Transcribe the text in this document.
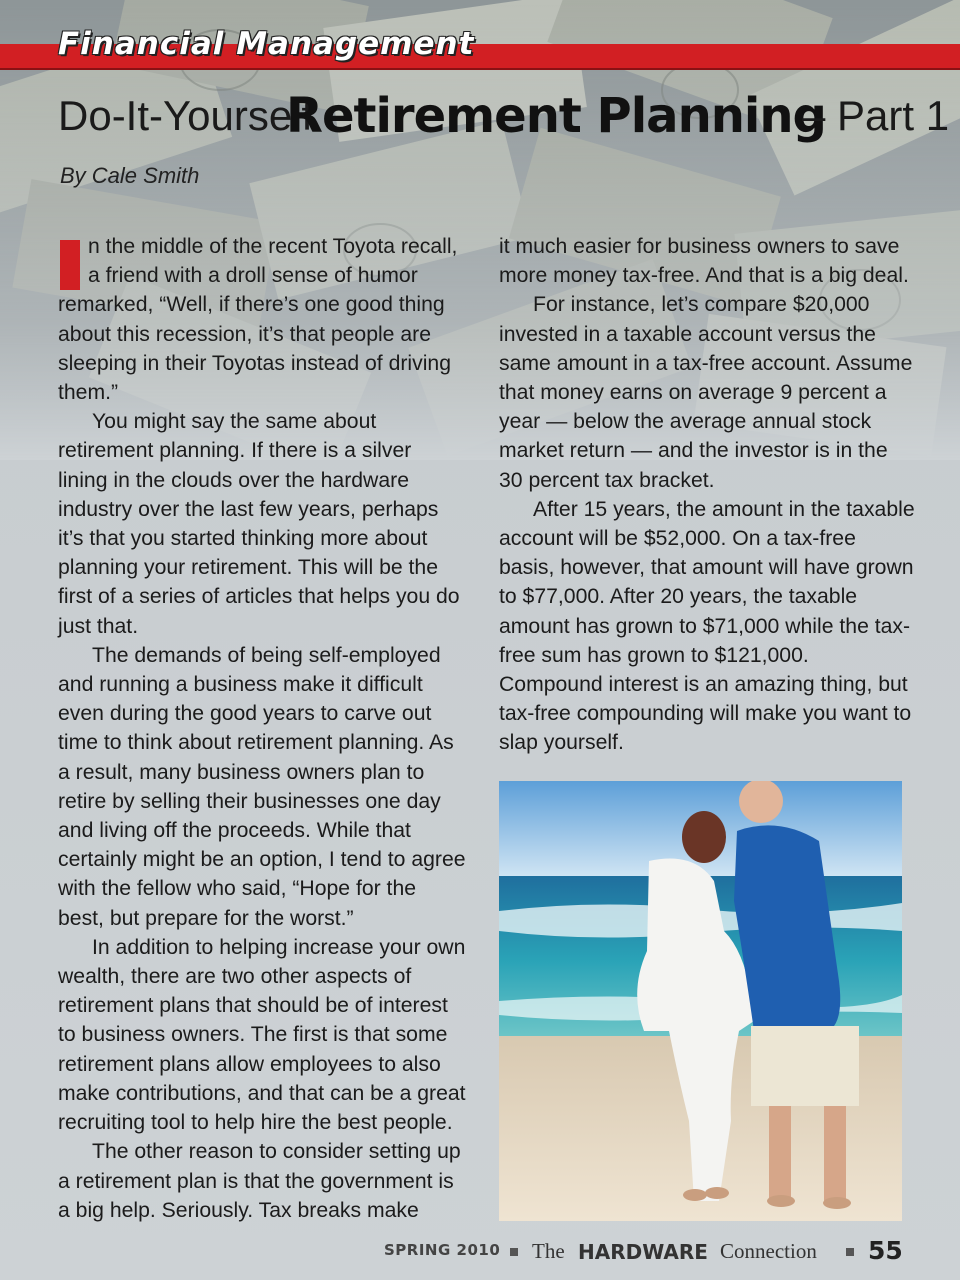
Financial Management
Do-It-Yourself
Retirement Planning
– Part 1
By Cale Smith

n the middle of the recent Toyota recall, a friend with a droll sense of humor remarked, “Well, if there’s one good thing about this recession, it’s that people are sleeping in their Toyotas instead of driving them.”

You might say the same about retirement planning. If there is a silver lining in the clouds over the hardware industry over the last few years, perhaps it’s that you started thinking more about planning your retirement. This will be the first of a series of articles that helps you do just that.

The demands of being self-employed and running a business make it difficult even during the good years to carve out time to think about retirement planning. As a result, many business owners plan to retire by selling their businesses one day and living off the proceeds. While that certainly might be an option, I tend to agree with the fellow who said, “Hope for the best, but prepare for the worst.”

In addition to helping increase your own wealth, there are two other aspects of retirement plans that should be of interest to business owners. The first is that some retirement plans allow employees to also make contributions, and that can be a great recruiting tool to help hire the best people.

The other reason to consider setting up a retirement plan is that the government is a big help. Seriously. Tax breaks make

it much easier for business owners to save more money tax-free. And that is a big deal.

For instance, let’s compare $20,000 invested in a taxable account versus the same amount in a tax-free account. Assume that money earns on average 9 percent a year — below the average annual stock market return — and the investor is in the 30 percent tax bracket.

After 15 years, the amount in the taxable account will be $52,000. On a tax-free basis, however, that amount will have grown to $77,000. After 20 years, the taxable amount has grown to $71,000 while the tax-free sum has grown to $121,000. Compound interest is an amazing thing, but tax-free compounding will make you want to slap yourself.

SPRING 2010 The HARDWARE Connection 55
